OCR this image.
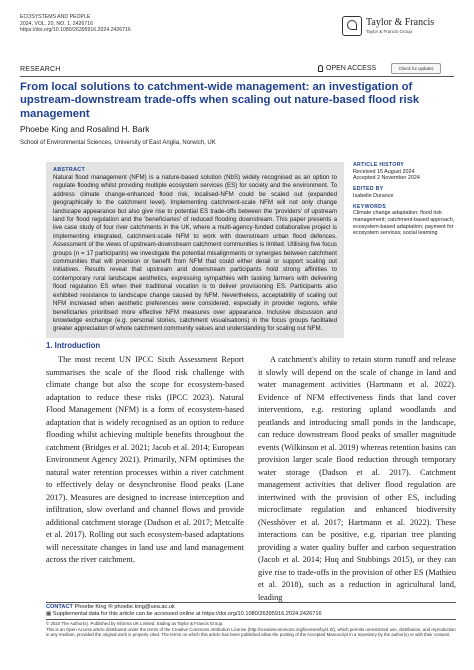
ECOSYSTEMS AND PEOPLE
2024, VOL. 20, NO. 1, 2426716
https://doi.org/10.1080/26395916.2024.2426716
Taylor & Francis
Taylor & Francis Group
RESEARCH	OPEN ACCESS	Check for updates
From local solutions to catchment-wide management: an investigation of upstream-downstream trade-offs when scaling out nature-based flood risk management
Phoebe King and Rosalind H. Bark
School of Environmental Sciences, University of East Anglia, Norwich, UK
ABSTRACT
Natural flood management (NFM) is a nature-based solution (NbS) widely recognised as an option to regulate flooding whilst providing multiple ecosystem services (ES) for society and the environment. To address climate change-enhanced flood risk, localised-NFM could be scaled out (expanded geographically to the catchment level). Implementing catchment-scale NFM will not only change landscape appearance but also give rise to potential ES trade-offs between the 'providers' of upstream land for flood regulation and the 'beneficiaries' of reduced flooding downstream. This paper presents a live case study of four river catchments in the UK, where a multi-agency-funded collaborative project is implementing integrated, catchment-scale NFM to work with downstream urban flood defences. Assessment of the views of upstream-downstream catchment communities is limited. Utilising five focus groups (n = 17 participants) we investigate the potential misalignments or synergies between catchment communities that will provision or benefit from NFM that could either derail or support scaling out initiatives. Results reveal that upstream and downstream participants hold strong affinities to contemporary rural landscape aesthetics, expressing sympathies with tasking farmers with delivering flood regulation ES when their traditional vocation is to deliver provisioning ES. Participants also exhibited resistance to landscape change caused by NFM. Nevertheless, acceptability of scaling out NFM increased when aesthetic preferences were considered, especially in provider regions, while beneficiaries prioritised more effective NFM measures over appearance. Inclusive discussion and knowledge exchange (e.g. personal stories, catchment visualisations) in the focus groups facilitated greater appreciation of whole catchment community values and understanding for scaling out NFM.
ARTICLE HISTORY
Received 15 August 2024
Accepted 2 November 2024
EDITED BY
Isabelle Durance
KEYWORDS
Climate change adaptation; flood risk management; catchment-based approach, ecosystem-based adaptation; payment for ecosystem services; social learning
1. Introduction
The most recent UN IPCC Sixth Assessment Report summarises the scale of the flood risk challenge with climate change but also the scope for ecosystem-based adaptation to reduce these risks (IPCC 2023). Natural Flood Management (NFM) is a form of ecosystem-based adaptation that is widely recognised as an option to reduce flooding whilst achieving multiple benefits throughout the catchment (Bridges et al. 2021; Jacob et al. 2014; European Environment Agency 2021). Primarily, NFM optimises the natural water retention processes within a river catchment to effectively delay or desynchronise flood peaks (Lane 2017). Measures are designed to increase interception and infiltration, slow overland and channel flows and provide additional catchment storage (Dadson et al. 2017; Metcalfe et al. 2017). Rolling out such ecosystem-based adaptations will necessitate changes in land use and land management across the river catchment.
A catchment's ability to retain storm runoff and release it slowly will depend on the scale of change in land and water management activities (Hartmann et al. 2022). Evidence of NFM effectiveness finds that land cover interventions, e.g. restoring upland woodlands and peatlands and introducing small ponds in the landscape, can reduce downstream flood peaks of smaller magnitude events (Wilkinson et al. 2019) whereas retention basins can provision larger scale flood reduction through temporary water storage (Dadson et al. 2017). Catchment management activities that deliver flood regulation are intertwined with the provision of other ES, including microclimate regulation and enhanced biodiversity (Nesshöver et al. 2017; Hartmann et al. 2022). These interactions can be positive, e.g. riparian tree planting providing a water quality buffer and carbon sequestration (Jacob et al. 2014; Huq and Stubbings 2015), or they can give rise to trade-offs in the provision of other ES (Mathieu et al. 2018), such as a reduction in agricultural land, leading
CONTACT Phoebe King ✉ phoebe.king@uea.ac.uk
▦ Supplemental data for this article can be accessed online at https://doi.org/10.1080/26395916.2024.2426716
© 2024 The Author(s). Published by Informa UK Limited, trading as Taylor & Francis Group.
This is an Open Access article distributed under the terms of the Creative Commons Attribution License (http://creativecommons.org/licenses/by/4.0/), which permits unrestricted use, distribution, and reproduction in any medium, provided the original work is properly cited. The terms on which this article has been published allow the posting of the Accepted Manuscript in a repository by the author(s) or with their consent.
